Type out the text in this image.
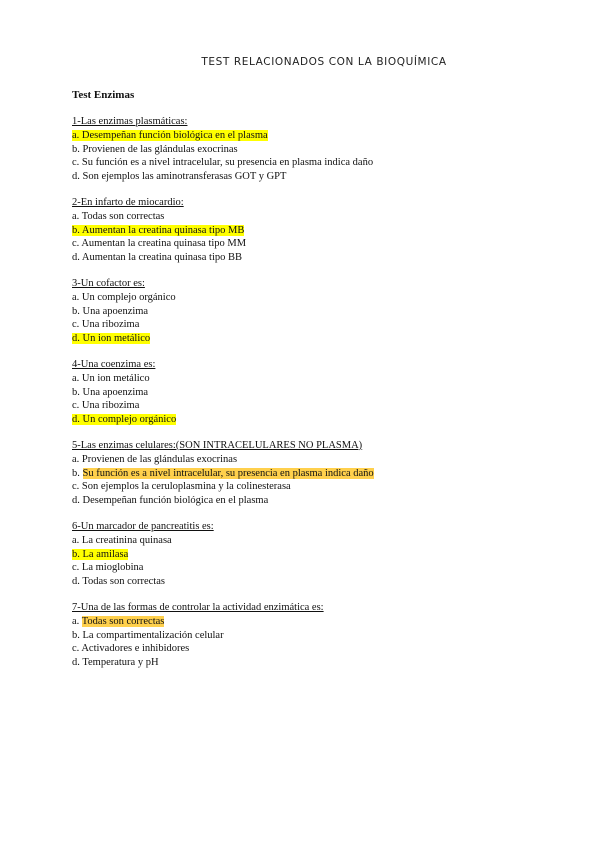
TEST RELACIONADOS CON LA BIOQUÍMICA
Test Enzimas
1-Las enzimas plasmáticas:
a. Desempeñan función biológica en el plasma
b. Provienen de las glándulas exocrinas
c. Su función es a nivel intracelular, su presencia en plasma indica daño
d. Son ejemplos las aminotransferasas GOT y GPT
2-En infarto de miocardio:
a. Todas son correctas
b. Aumentan la creatina quinasa tipo MB
c. Aumentan la creatina quinasa tipo MM
d. Aumentan la creatina quinasa tipo BB
3-Un cofactor es:
a. Un complejo orgánico
b. Una apoenzima
c. Una ribozima
d. Un ion metálico
4-Una coenzima es:
a. Un ion metálico
b. Una apoenzima
c. Una ribozima
d. Un complejo orgánico
5-Las enzimas celulares:(SON INTRACELULARES NO PLASMA)
a. Provienen de las glándulas exocrinas
b. Su función es a nivel intracelular, su presencia en plasma indica daño
c. Son ejemplos la ceruloplasmina y la colinesterasa
d. Desempeñan función biológica en el plasma
6-Un marcador de pancreatitis es:
a. La creatinina quinasa
b. La amilasa
c. La mioglobina
d. Todas son correctas
7-Una de las formas de controlar la actividad enzimática es:
a. Todas son correctas
b. La compartimentalización celular
c. Activadores e inhibidores
d. Temperatura y pH
